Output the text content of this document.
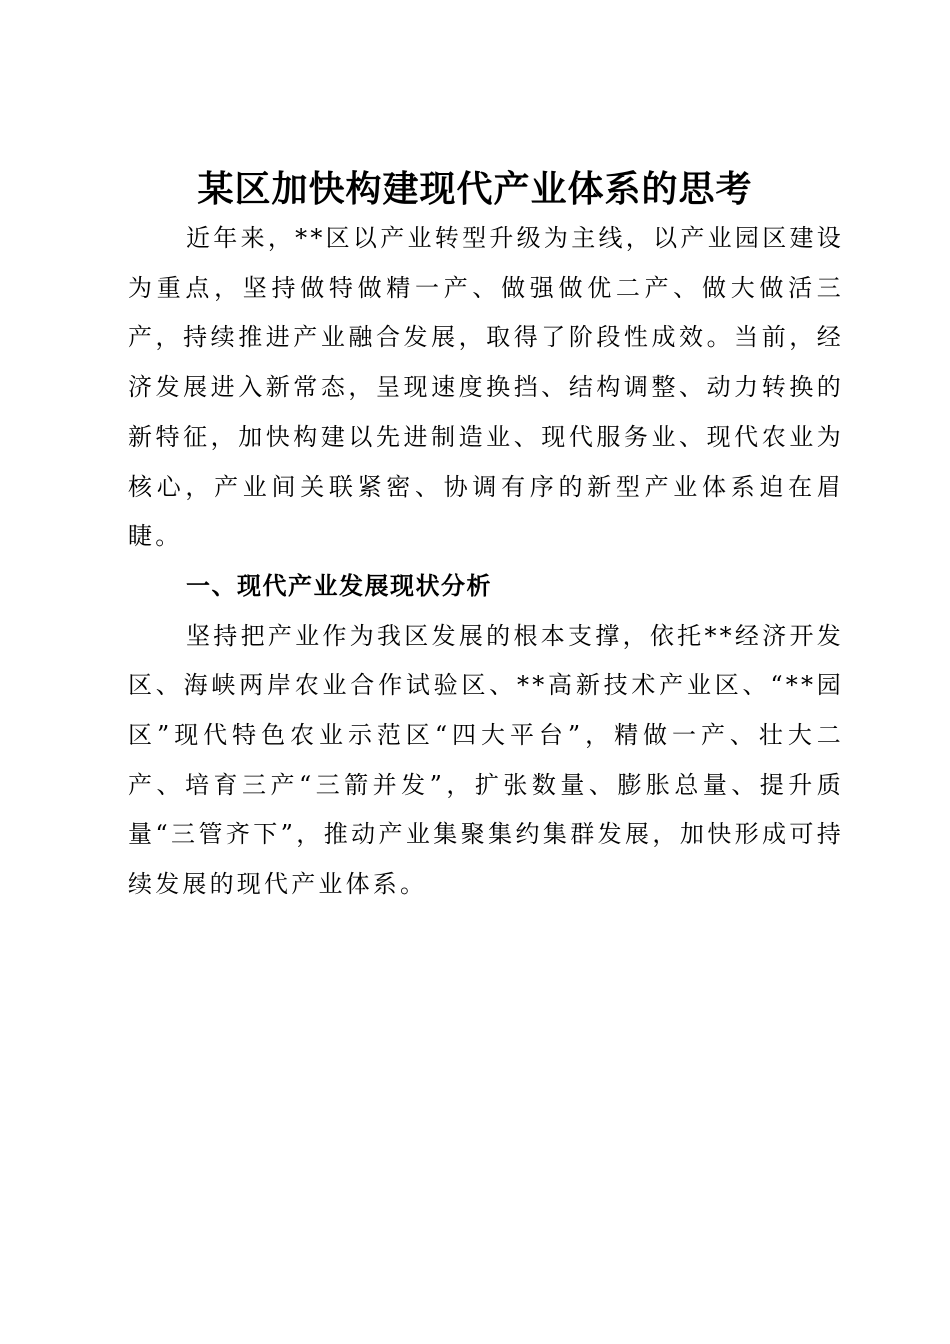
某区加快构建现代产业体系的思考

近年来，**区以产业转型升级为主线，以产业园区建设为重点，坚持做特做精一产、做强做优二产、做大做活三产，持续推进产业融合发展，取得了阶段性成效。当前，经济发展进入新常态，呈现速度换挡、结构调整、动力转换的新特征，加快构建以先进制造业、现代服务业、现代农业为核心，产业间关联紧密、协调有序的新型产业体系迫在眉睫。

一、现代产业发展现状分析

坚持把产业作为我区发展的根本支撑，依托**经济开发区、海峡两岸农业合作试验区、**高新技术产业区、“**园区”现代特色农业示范区“四大平台”，精做一产、壮大二产、培育三产“三箭并发”，扩张数量、膨胀总量、提升质量“三管齐下”，推动产业集聚集约集群发展，加快形成可持续发展的现代产业体系。
